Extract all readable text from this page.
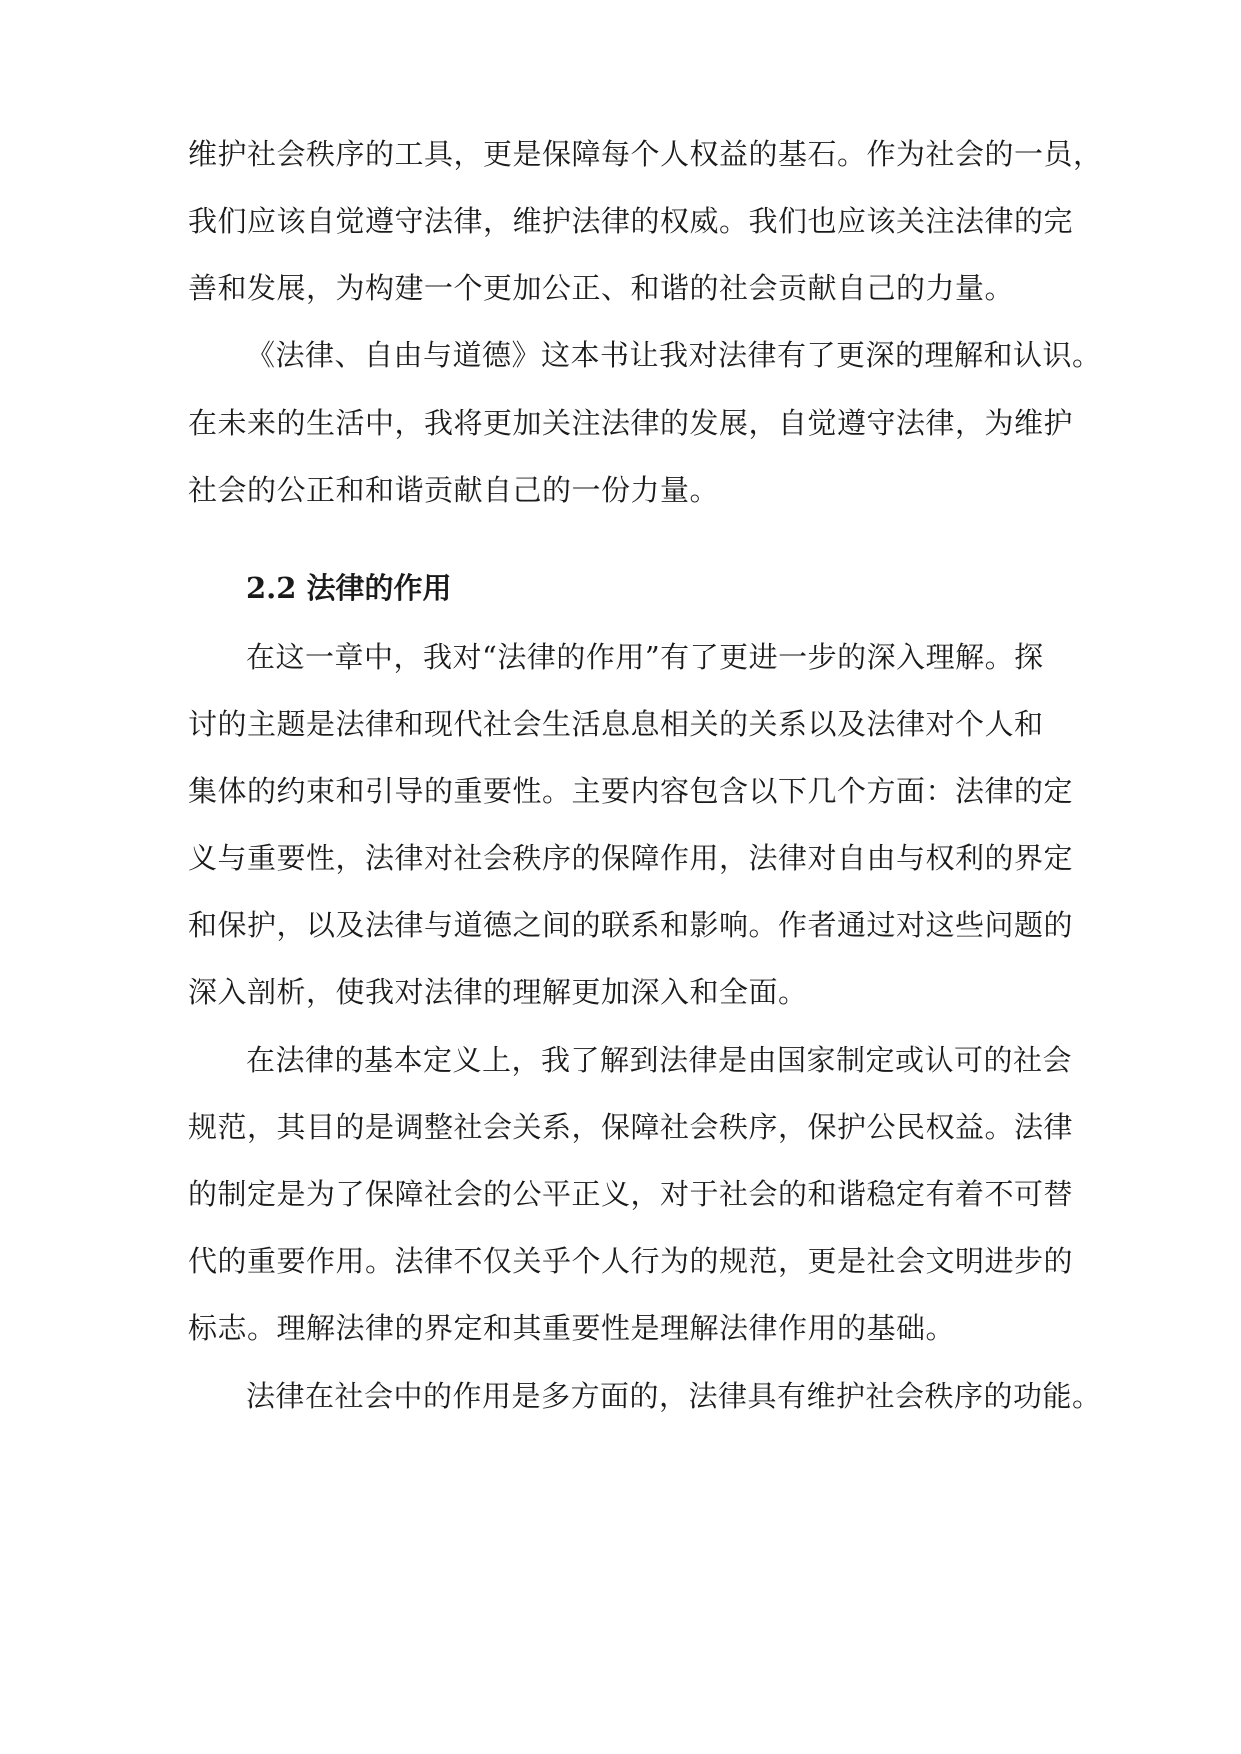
维护社会秩序的工具，更是保障每个人权益的基石。作为社会的一员，
我们应该自觉遵守法律，维护法律的权威。我们也应该关注法律的完
善和发展，为构建一个更加公正、和谐的社会贡献自己的力量。
《法律、自由与道德》这本书让我对法律有了更深的理解和认识。
在未来的生活中，我将更加关注法律的发展，自觉遵守法律，为维护
社会的公正和和谐贡献自己的一份力量。
2.2 法律的作用
在这一章中，我对“法律的作用”有了更进一步的深入理解。探
讨的主题是法律和现代社会生活息息相关的关系以及法律对个人和
集体的约束和引导的重要性。主要内容包含以下几个方面：法律的定
义与重要性，法律对社会秩序的保障作用，法律对自由与权利的界定
和保护，以及法律与道德之间的联系和影响。作者通过对这些问题的
深入剖析，使我对法律的理解更加深入和全面。
在法律的基本定义上，我了解到法律是由国家制定或认可的社会
规范，其目的是调整社会关系，保障社会秩序，保护公民权益。法律
的制定是为了保障社会的公平正义，对于社会的和谐稳定有着不可替
代的重要作用。法律不仅关乎个人行为的规范，更是社会文明进步的
标志。理解法律的界定和其重要性是理解法律作用的基础。
法律在社会中的作用是多方面的，法律具有维护社会秩序的功能。
